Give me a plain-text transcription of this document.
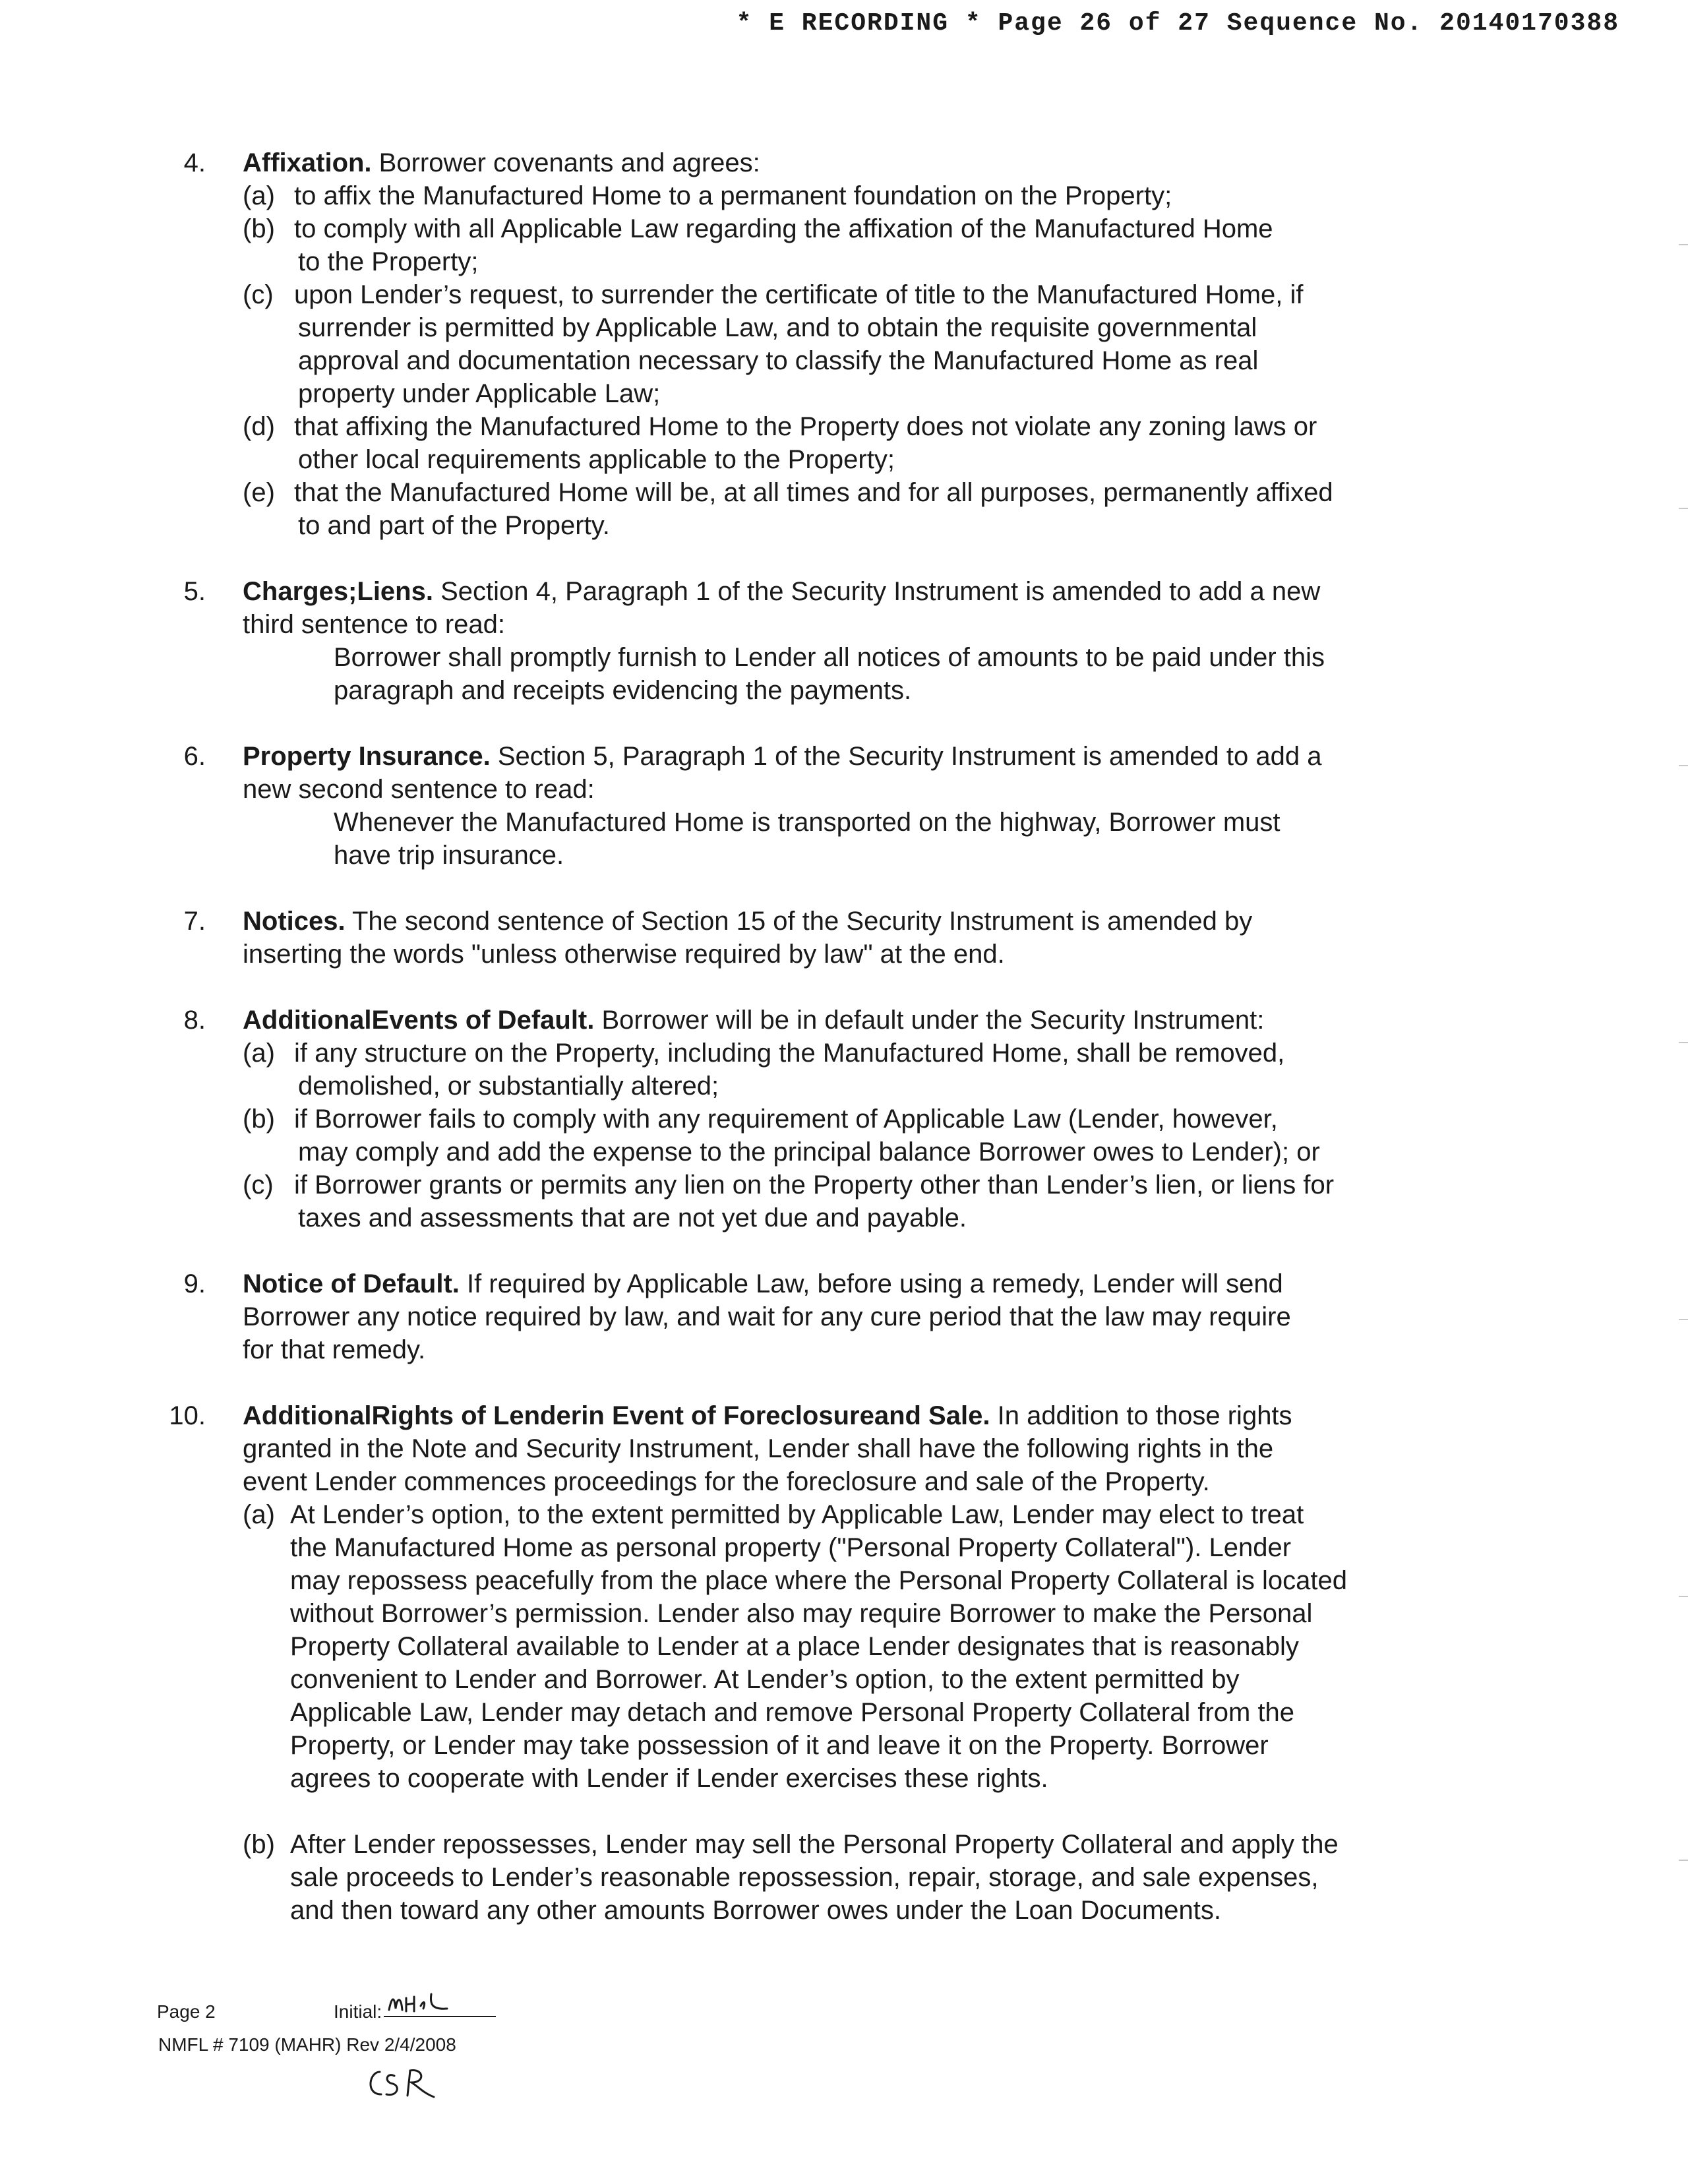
* E RECORDING * Page 26 of 27 Sequence No. 20140170388
4. Affixation. Borrower covenants and agrees:
(a) to affix the Manufactured Home to a permanent foundation on the Property;
(b) to comply with all Applicable Law regarding the affixation of the Manufactured Home
to the Property;
(c) upon Lender’s request, to surrender the certificate of title to the Manufactured Home, if
surrender is permitted by Applicable Law, and to obtain the requisite governmental
approval and documentation necessary to classify the Manufactured Home as real
property under Applicable Law;
(d) that affixing the Manufactured Home to the Property does not violate any zoning laws or
other local requirements applicable to the Property;
(e) that the Manufactured Home will be, at all times and for all purposes, permanently affixed
to and part of the Property.
5. Charges;Liens. Section 4, Paragraph 1 of the Security Instrument is amended to add a new
third sentence to read:
Borrower shall promptly furnish to Lender all notices of amounts to be paid under this
paragraph and receipts evidencing the payments.
6. Property Insurance. Section 5, Paragraph 1 of the Security Instrument is amended to add a
new second sentence to read:
Whenever the Manufactured Home is transported on the highway, Borrower must
have trip insurance.
7. Notices. The second sentence of Section 15 of the Security Instrument is amended by
inserting the words "unless otherwise required by law" at the end.
8. AdditionalEvents of Default. Borrower will be in default under the Security Instrument:
(a) if any structure on the Property, including the Manufactured Home, shall be removed,
demolished, or substantially altered;
(b) if Borrower fails to comply with any requirement of Applicable Law (Lender, however,
may comply and add the expense to the principal balance Borrower owes to Lender); or
(c) if Borrower grants or permits any lien on the Property other than Lender’s lien, or liens for
taxes and assessments that are not yet due and payable.
9. Notice of Default. If required by Applicable Law, before using a remedy, Lender will send
Borrower any notice required by law, and wait for any cure period that the law may require
for that remedy.
10. AdditionalRights of Lenderin Event of Foreclosureand Sale. In addition to those rights
granted in the Note and Security Instrument, Lender shall have the following rights in the
event Lender commences proceedings for the foreclosure and sale of the Property.
(a) At Lender’s option, to the extent permitted by Applicable Law, Lender may elect to treat
the Manufactured Home as personal property ("Personal Property Collateral"). Lender
may repossess peacefully from the place where the Personal Property Collateral is located
without Borrower’s permission. Lender also may require Borrower to make the Personal
Property Collateral available to Lender at a place Lender designates that is reasonably
convenient to Lender and Borrower. At Lender’s option, to the extent permitted by
Applicable Law, Lender may detach and remove Personal Property Collateral from the
Property, or Lender may take possession of it and leave it on the Property. Borrower
agrees to cooperate with Lender if Lender exercises these rights.
(b) After Lender repossesses, Lender may sell the Personal Property Collateral and apply the
sale proceeds to Lender’s reasonable repossession, repair, storage, and sale expenses,
and then toward any other amounts Borrower owes under the Loan Documents.
Page 2	Initial:
NMFL # 7109 (MAHR) Rev 2/4/2008
